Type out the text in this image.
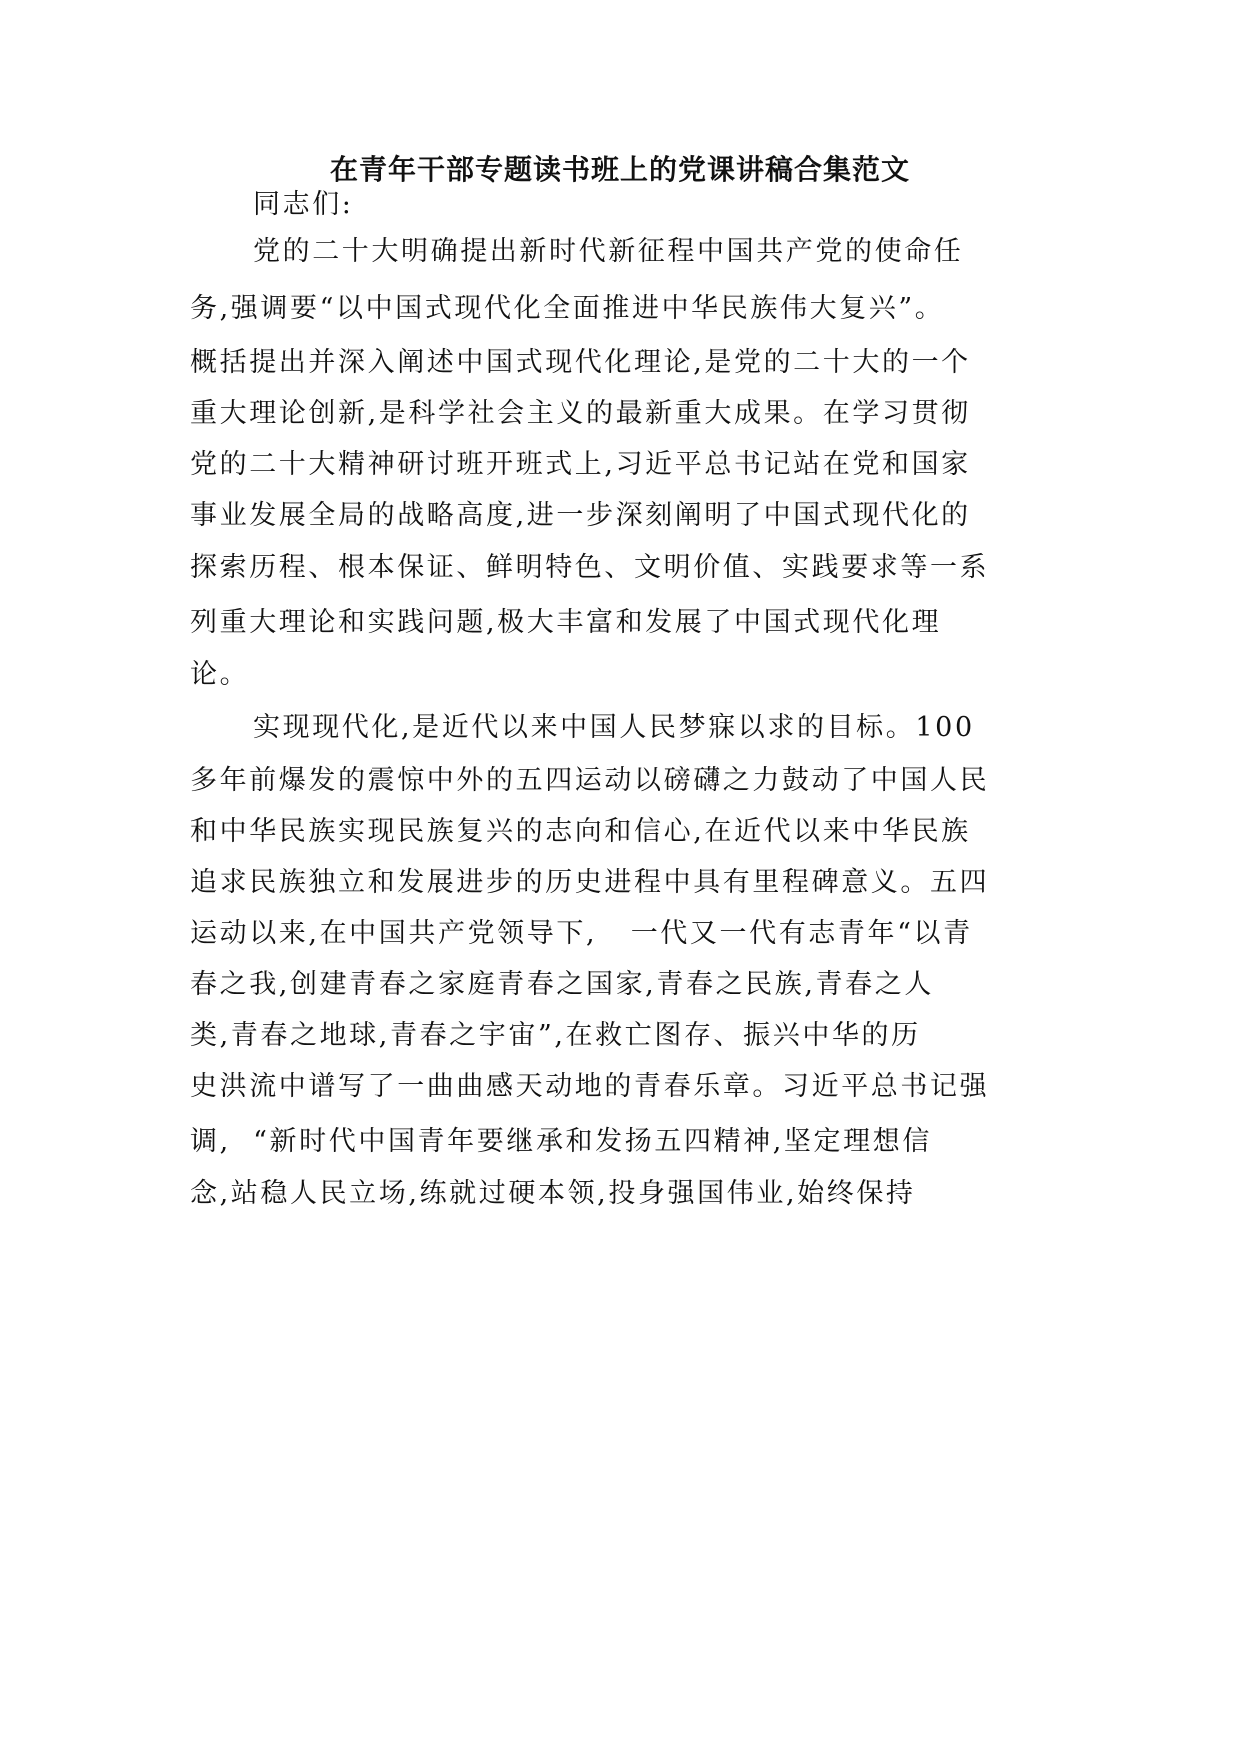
在青年干部专题读书班上的党课讲稿合集范文
同志们:
党的二十大明确提出新时代新征程中国共产党的使命任
务,强调要“以中国式现代化全面推进中华民族伟大复兴”。
概括提出并深入阐述中国式现代化理论,是党的二十大的一个
重大理论创新,是科学社会主义的最新重大成果。在学习贯彻
党的二十大精神研讨班开班式上,习近平总书记站在党和国家
事业发展全局的战略高度,进一步深刻阐明了中国式现代化的
探索历程、根本保证、鲜明特色、文明价值、实践要求等一系
列重大理论和实践问题,极大丰富和发展了中国式现代化理
论。
实现现代化,是近代以来中国人民梦寐以求的目标。100
多年前爆发的震惊中外的五四运动以磅礴之力鼓动了中国人民
和中华民族实现民族复兴的志向和信心,在近代以来中华民族
追求民族独立和发展进步的历史进程中具有里程碑意义。五四
运动以来,在中国共产党领导下,   一代又一代有志青年“以青
春之我,创建青春之家庭青春之国家,青春之民族,青春之人
类,青春之地球,青春之宇宙”,在救亡图存、振兴中华的历
史洪流中谱写了一曲曲感天动地的青春乐章。习近平总书记强
调,  “新时代中国青年要继承和发扬五四精神,坚定理想信
念,站稳人民立场,练就过硬本领,投身强国伟业,始终保持
